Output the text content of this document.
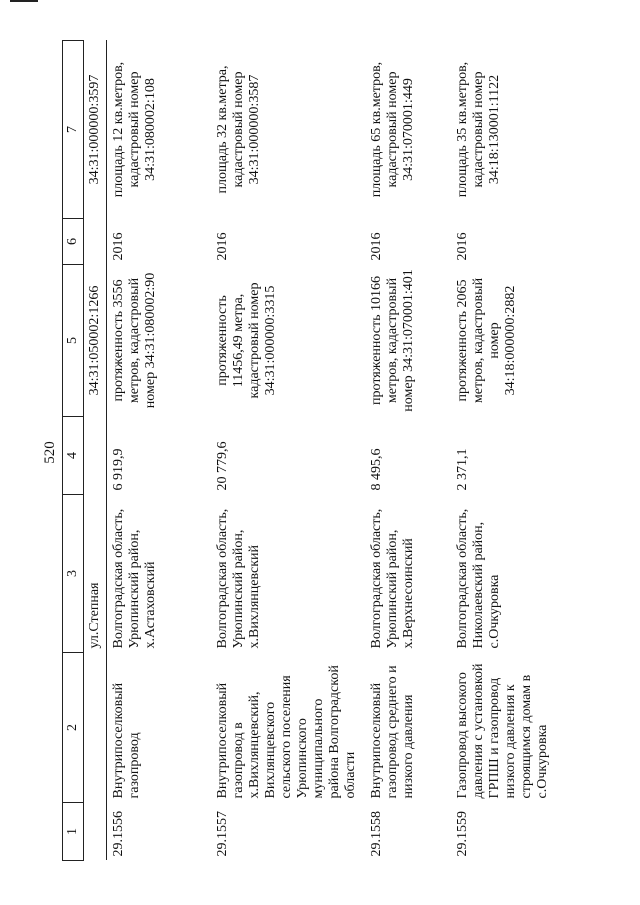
520
1	2	3	4	5	6	7
		ул.Степная		34:31:050002:1266		34:31:000000:3597
29.1556	Внутрипоселковый газопровод	Волгоградская область, Урюпинский район, х.Астаховский	6 919,9	протяженность 3556 метров, кадастровый номер 34:31:080002:90	2016	площадь 12 кв.метров, кадастровый номер 34:31:080002:108
29.1557	Внутрипоселковый газопровод в х.Вихлянцевский, Вихлянцевского сельского поселения Урюпинского муниципального района Волгоградской области	Волгоградская область, Урюпинский район, х.Вихлянцевский	20 779,6	протяженность 11456,49 метра, кадастровый номер 34:31:000000:3315	2016	площадь 32 кв.метра, кадастровый номер 34:31:000000:3587
29.1558	Внутрипоселковый газопровод среднего и низкого давления	Волгоградская область, Урюпинский район, х.Верхнесоинский	8 495,6	протяженность 10166 метров, кадастровый номер 34:31:070001:401	2016	площадь 65 кв.метров, кадастровый номер 34:31:070001:449
29.1559	Газопровод высокого давления с установкой ГРПШ и газопровод низкого давления к строящимся домам в с.Очкуровка	Волгоградская область, Николаевский район, с.Очкуровка	2 371,1	протяженность 2065 метров, кадастровый номер 34:18:000000:2882	2016	площадь 35 кв.метров, кадастровый номер 34:18:130001:1122
